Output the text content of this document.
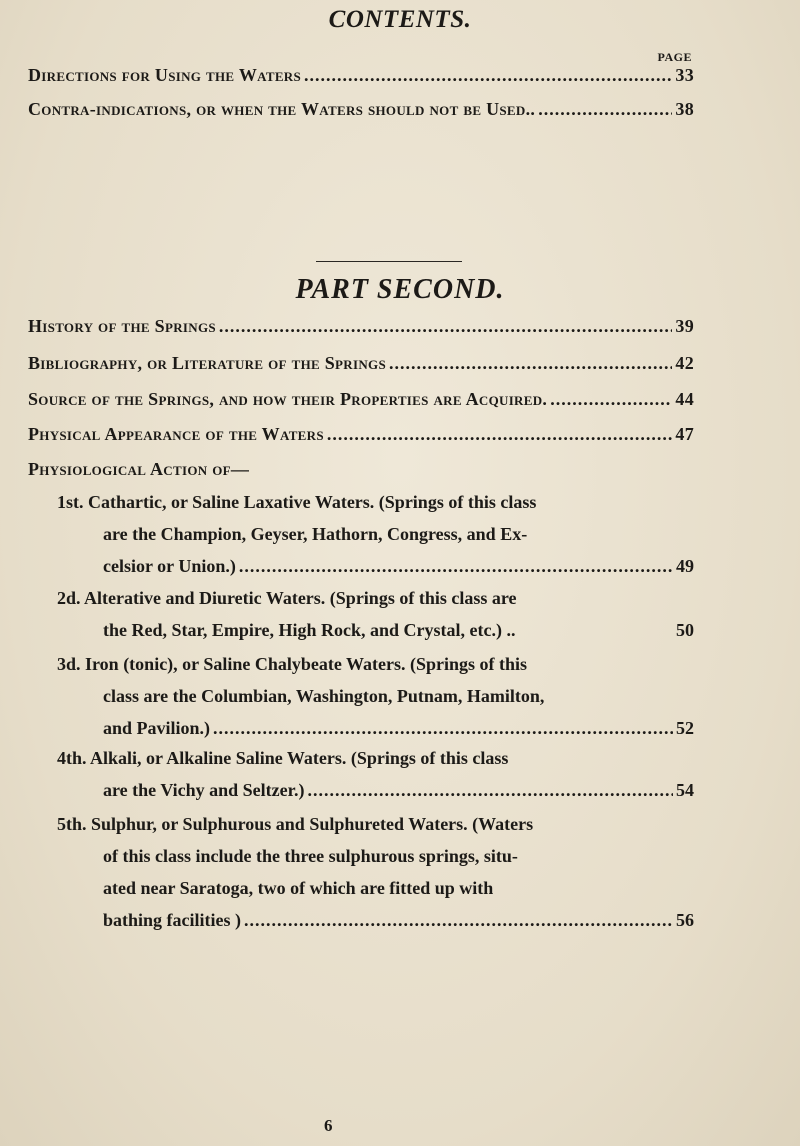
CONTENTS.
PAGE
Directions for Using the Waters .....	33
Contra-indications, or when the Waters should not be Used.. .....	38
PART SECOND.
History of the Springs .....	39
Bibliography, or Literature of the Springs .....	42
Source of the Springs, and how their Properties are Acquired. .....	44
Physical Appearance of the Waters .....	47
Physiological Action of—
1st. Cathartic, or Saline Laxative Waters. (Springs of this class
are the Champion, Geyser, Hathorn, Congress, and Ex-
celsior or Union.) .....	49
2d. Alterative and Diuretic Waters. (Springs of this class are
the Red, Star, Empire, High Rock, and Crystal, etc.) ..	50
3d. Iron (tonic), or Saline Chalybeate Waters. (Springs of this
class are the Columbian, Washington, Putnam, Hamilton,
and Pavilion.) .....	52
4th. Alkali, or Alkaline Saline Waters. (Springs of this class
are the Vichy and Seltzer.) .....	54
5th. Sulphur, or Sulphurous and Sulphureted Waters. (Waters
of this class include the three sulphurous springs, situ-
ated near Saratoga, two of which are fitted up with
bathing facilities ) .....	56
6
